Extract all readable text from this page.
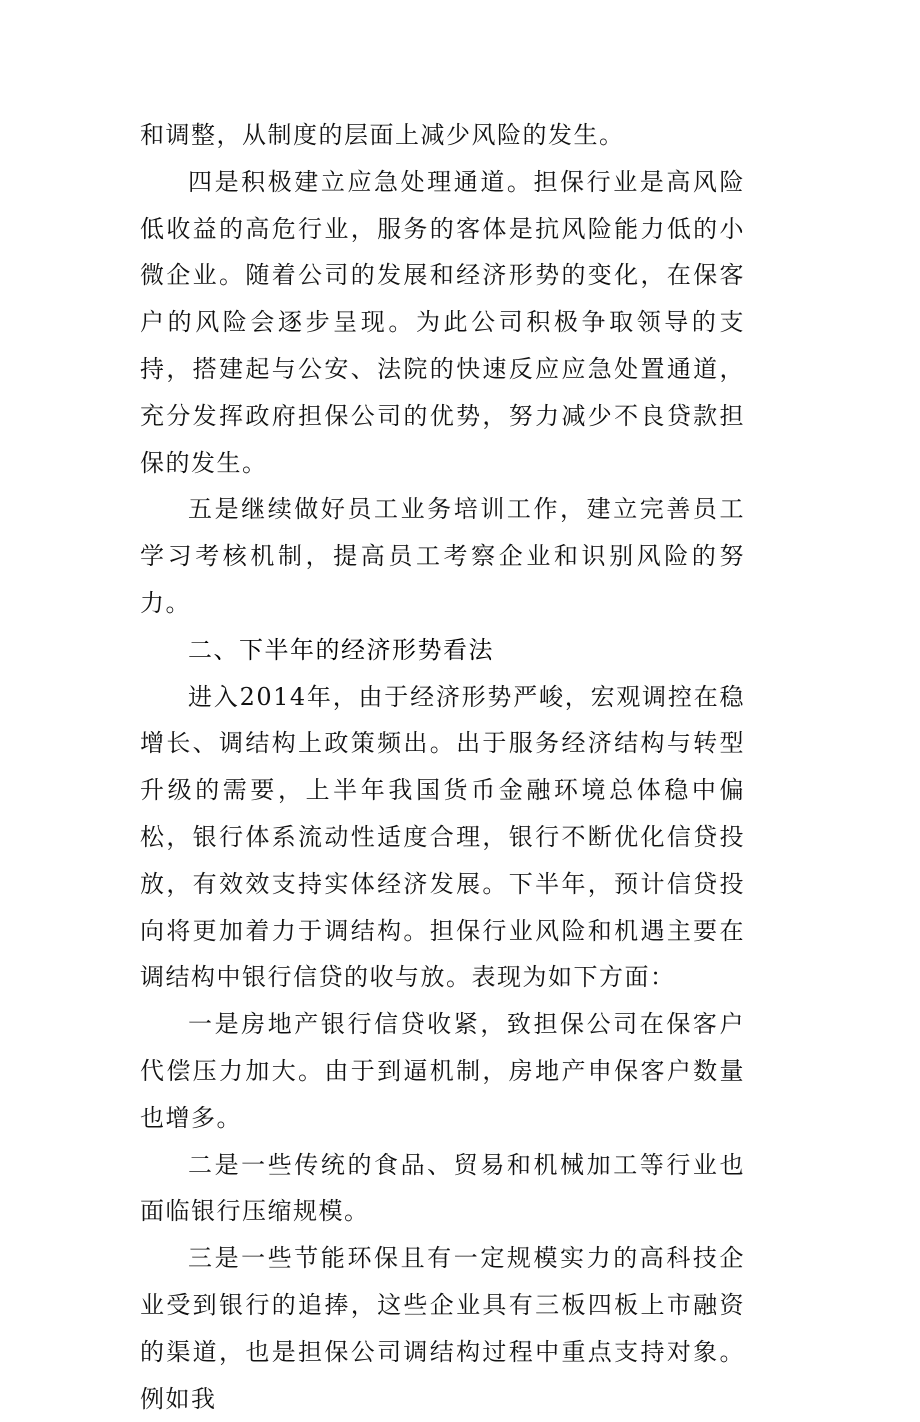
和调整，从制度的层面上减少风险的发生。

四是积极建立应急处理通道。担保行业是高风险低收益的高危行业，服务的客体是抗风险能力低的小微企业。随着公司的发展和经济形势的变化，在保客户的风险会逐步呈现。为此公司积极争取领导的支持，搭建起与公安、法院的快速反应应急处置通道，充分发挥政府担保公司的优势，努力减少不良贷款担保的发生。

五是继续做好员工业务培训工作，建立完善员工学习考核机制，提高员工考察企业和识别风险的努力。

二、下半年的经济形势看法

进入2014年，由于经济形势严峻，宏观调控在稳增长、调结构上政策频出。出于服务经济结构与转型升级的需要，上半年我国货币金融环境总体稳中偏松，银行体系流动性适度合理，银行不断优化信贷投放，有效效支持实体经济发展。下半年，预计信贷投向将更加着力于调结构。担保行业风险和机遇主要在调结构中银行信贷的收与放。表现为如下方面：

一是房地产银行信贷收紧，致担保公司在保客户代偿压力加大。由于到逼机制，房地产申保客户数量也增多。

二是一些传统的食品、贸易和机械加工等行业也面临银行压缩规模。

三是一些节能环保且有一定规模实力的高科技企业受到银行的追捧，这些企业具有三板四板上市融资的渠道，也是担保公司调结构过程中重点支持对象。例如我
